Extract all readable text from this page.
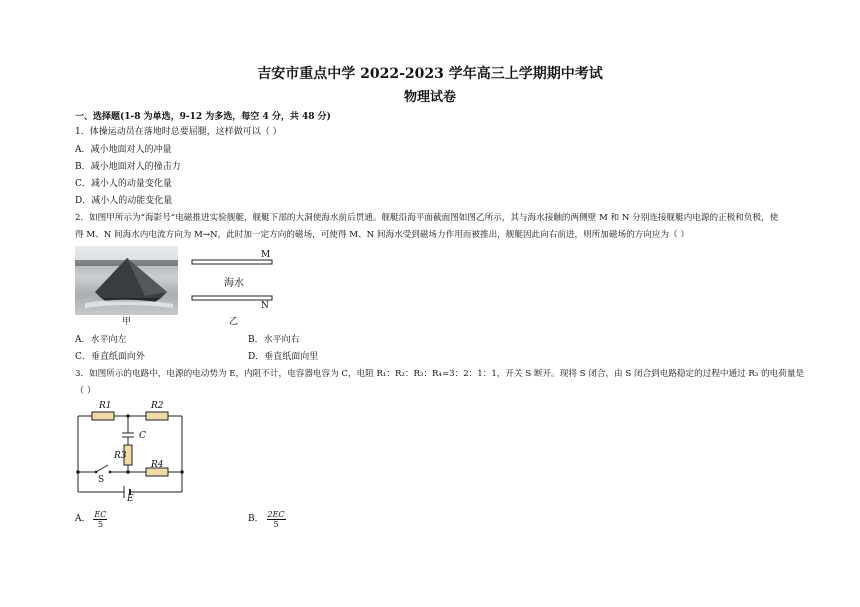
吉安市重点中学 2022-2023 学年高三上学期期中考试
物理试卷
一、选择题(1-8 为单选，9-12 为多选，每空 4 分，共 48 分)
1．体操运动员在落地时总要屈腿，这样做可以（ ）
A．减小地面对人的冲量
B．减小地面对人的撞击力
C．减小人的动量变化量
D．减小人的动能变化量
2．如图甲所示为“海影号”电磁推进实验舰艇，舰艇下部的大洞使海水前后贯通。舰艇沿海平面截面图如图乙所示，其与海水接触的两侧壁 M 和 N 分别连接舰艇内电源的正极和负极，使
得 M、N 间海水内电流方向为 M→N，此时加一定方向的磁场，可使得 M、N 间海水受到磁场力作用而被推出，舰艇因此向右前进，则所加磁场的方向应为（ ）
甲
M
N
海水
乙
A．水平向左	B．水平向右
C．垂直纸面向外	D．垂直纸面向里
3．如图所示的电路中，电源的电动势为 E，内阻不计，电容器电容为 C，电阻 R₁：R₂：R₃：R₄=3：2：1：1，开关 S 断开。现将 S 闭合，由 S 闭合到电路稳定的过程中通过 R₃ 的电荷量是
（ ）
R1	R2
C
R3
R4
S
E
A． $\frac{EC}{5}$	B． $\frac{2EC}{5}$
